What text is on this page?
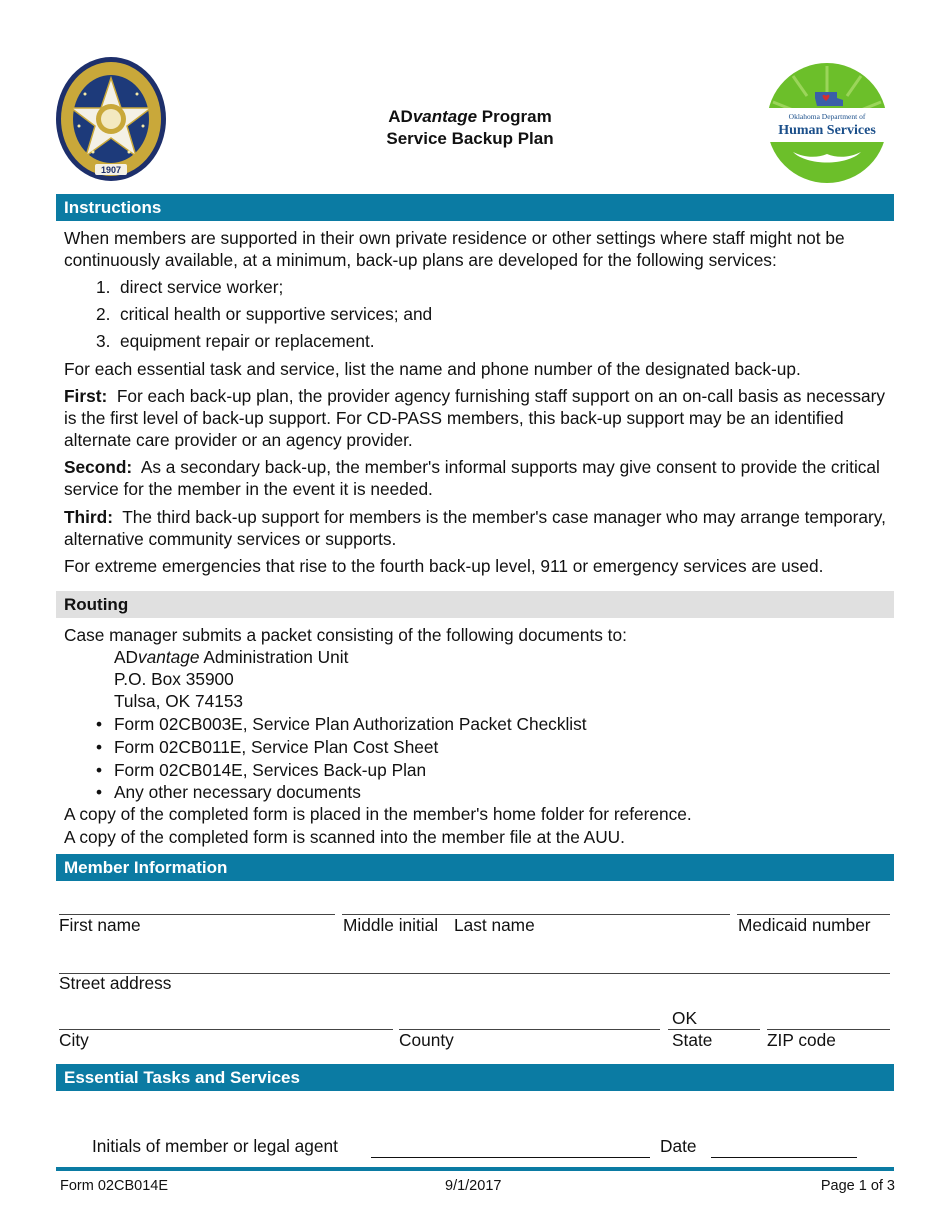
1907
ADvantage Program
Service Backup Plan
Oklahoma Department of
Human Services
Instructions
When members are supported in their own private residence or other settings where staff might not be continuously available, at a minimum, back-up plans are developed for the following services:
1. direct service worker;
2. critical health or supportive services; and
3. equipment repair or replacement.
For each essential task and service, list the name and phone number of the designated back-up.
First: For each back-up plan, the provider agency furnishing staff support on an on-call basis as necessary is the first level of back-up support. For CD-PASS members, this back-up support may be an identified alternate care provider or an agency provider.
Second: As a secondary back-up, the member's informal supports may give consent to provide the critical service for the member in the event it is needed.
Third: The third back-up support for members is the member's case manager who may arrange temporary, alternative community services or supports.
For extreme emergencies that rise to the fourth back-up level, 911 or emergency services are used.
Routing
Case manager submits a packet consisting of the following documents to:
ADvantage Administration Unit
P.O. Box 35900
Tulsa, OK 74153
• Form 02CB003E, Service Plan Authorization Packet Checklist
• Form 02CB011E, Service Plan Cost Sheet
• Form 02CB014E, Services Back-up Plan
• Any other necessary documents
A copy of the completed form is placed in the member's home folder for reference.
A copy of the completed form is scanned into the member file at the AUU.
Member Information
First name	Middle initial Last name	Medicaid number
Street address
OK
City	County	State	ZIP code
Essential Tasks and Services
Initials of member or legal agent	Date
Form 02CB014E	9/1/2017	Page 1 of 3
